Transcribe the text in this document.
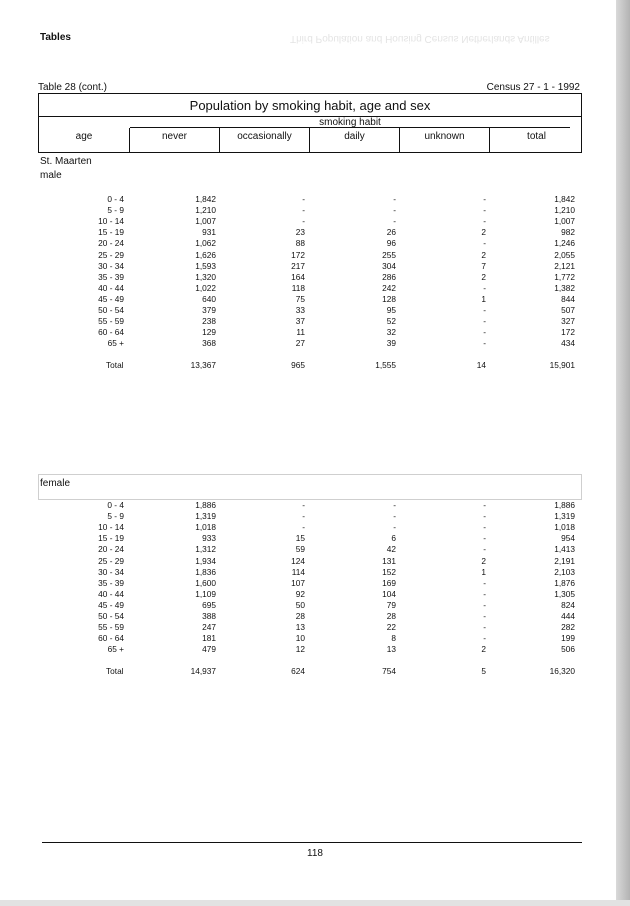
Tables	Third Population and Housing Census Netherlands Antilles
Table 28 (cont.)	Census 27 - 1 - 1992
Population by smoking habit, age and sex
smoking habit
age	never	occasionally	daily	unknown	total
St. Maarten
male
0 - 4	1,842	-	-	-	1,842
5 - 9	1,210	-	-	-	1,210
10 - 14	1,007	-	-	-	1,007
15 - 19	931	23	26	2	982
20 - 24	1,062	88	96	-	1,246
25 - 29	1,626	172	255	2	2,055
30 - 34	1,593	217	304	7	2,121
35 - 39	1,320	164	286	2	1,772
40 - 44	1,022	118	242	-	1,382
45 - 49	640	75	128	1	844
50 - 54	379	33	95	-	507
55 - 59	238	37	52	-	327
60 - 64	129	11	32	-	172
65 +	368	27	39	-	434
Total	13,367	965	1,555	14	15,901
female
0 - 4	1,886	-	-	-	1,886
5 - 9	1,319	-	-	-	1,319
10 - 14	1,018	-	-	-	1,018
15 - 19	933	15	6	-	954
20 - 24	1,312	59	42	-	1,413
25 - 29	1,934	124	131	2	2,191
30 - 34	1,836	114	152	1	2,103
35 - 39	1,600	107	169	-	1,876
40 - 44	1,109	92	104	-	1,305
45 - 49	695	50	79	-	824
50 - 54	388	28	28	-	444
55 - 59	247	13	22	-	282
60 - 64	181	10	8	-	199
65 +	479	12	13	2	506
Total	14,937	624	754	5	16,320
118
